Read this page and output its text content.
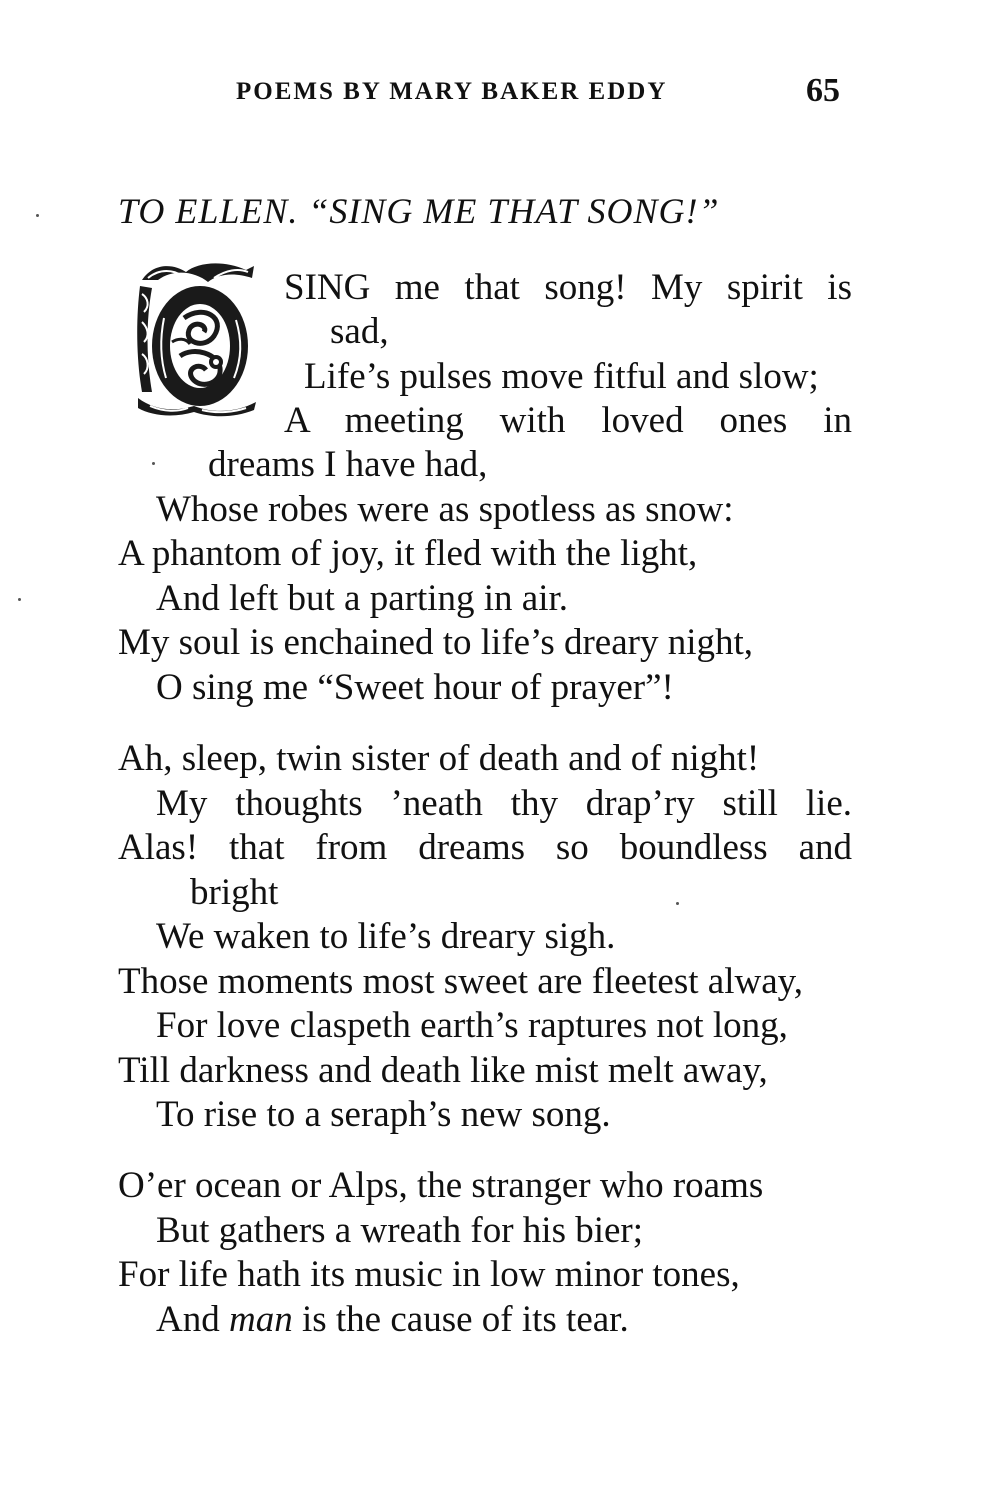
POEMS BY MARY BAKER EDDY	65
TO ELLEN. “SING ME THAT SONG!”
SING me that song! My spirit is
sad,
Life’s pulses move fitful and slow;
A meeting with loved ones in
dreams I have had,
Whose robes were as spotless as snow:
A phantom of joy, it fled with the light,
And left but a parting in air.
My soul is enchained to life’s dreary night,
O sing me “Sweet hour of prayer”!
Ah, sleep, twin sister of death and of night!
My thoughts ’neath thy drap’ry still lie.
Alas! that from dreams so boundless and
bright
We waken to life’s dreary sigh.
Those moments most sweet are fleetest alway,
For love claspeth earth’s raptures not long,
Till darkness and death like mist melt away,
To rise to a seraph’s new song.
O’er ocean or Alps, the stranger who roams
But gathers a wreath for his bier;
For life hath its music in low minor tones,
And man is the cause of its tear.
